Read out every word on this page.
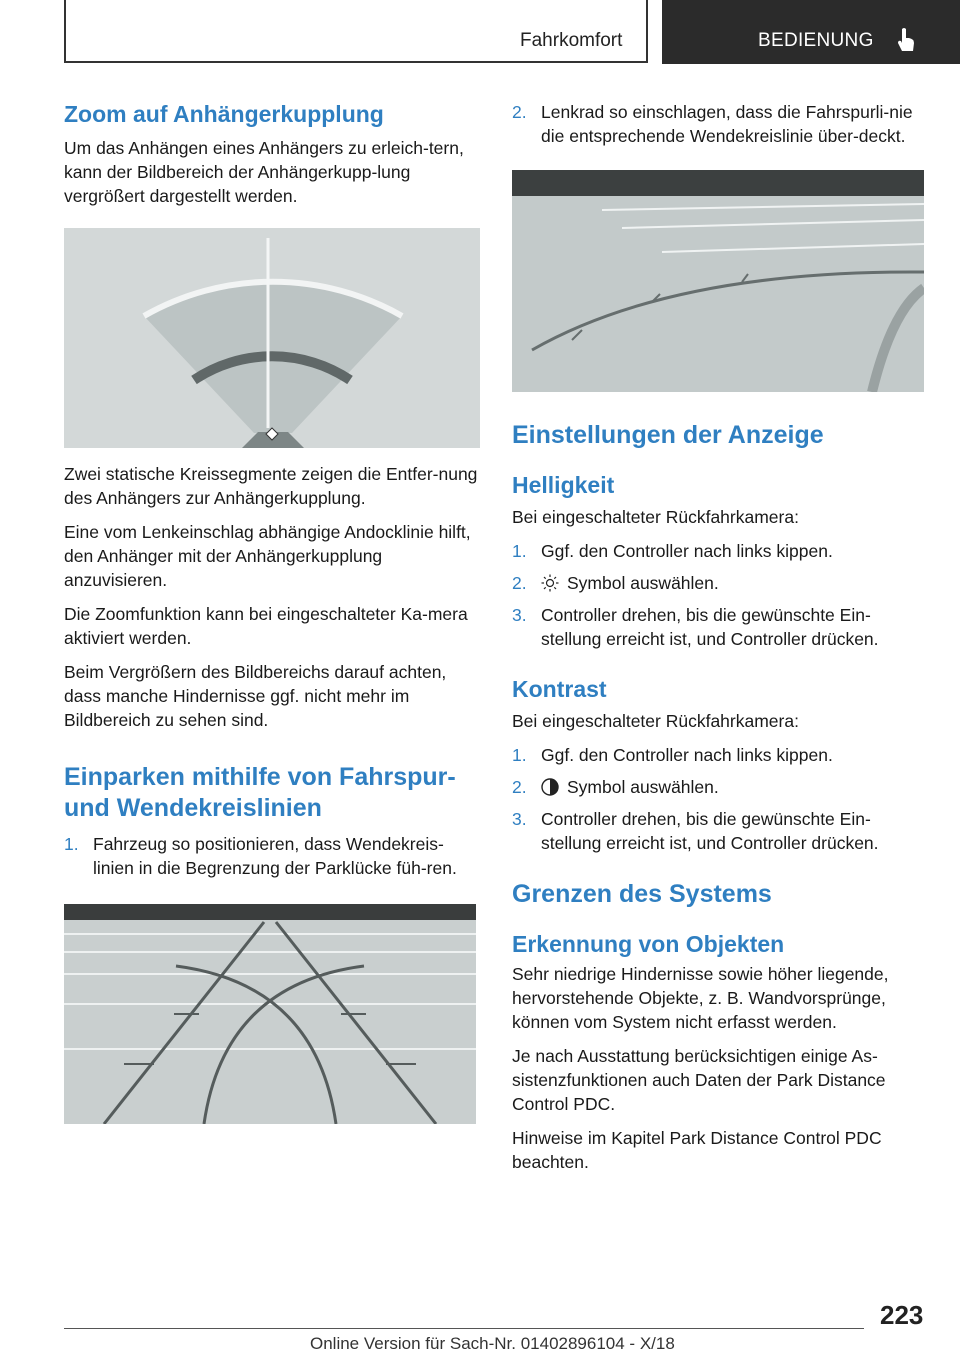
Fahrkomfort	BEDIENUNG
Zoom auf Anhängerkupplung

Um das Anhängen eines Anhängers zu erleich-tern, kann der Bildbereich der Anhängerkupp-lung vergrößert dargestellt werden.

Zwei statische Kreissegmente zeigen die Entfer-nung des Anhängers zur Anhängerkupplung.

Eine vom Lenkeinschlag abhängige Andocklinie hilft, den Anhänger mit der Anhängerkupplung anzuvisieren.

Die Zoomfunktion kann bei eingeschalteter Ka-mera aktiviert werden.

Beim Vergrößern des Bildbereichs darauf achten, dass manche Hindernisse ggf. nicht mehr im Bildbereich zu sehen sind.

Einparken mithilfe von Fahrspur- und Wendekreislinien
1. Fahrzeug so positionieren, dass Wendekreis-linien in die Begrenzung der Parklücke füh-ren.
2. Lenkrad so einschlagen, dass die Fahrspurli-nie die entsprechende Wendekreislinie über-deckt.
Einstellungen der Anzeige
Helligkeit

Bei eingeschalteter Rückfahrkamera:

1. Ggf. den Controller nach links kippen.
2. Symbol auswählen.
3. Controller drehen, bis die gewünschte Ein-stellung erreicht ist, und Controller drücken.
Kontrast

Bei eingeschalteter Rückfahrkamera:

1. Ggf. den Controller nach links kippen.
2. Symbol auswählen.
3. Controller drehen, bis die gewünschte Ein-stellung erreicht ist, und Controller drücken.
Grenzen des Systems
Erkennung von Objekten

Sehr niedrige Hindernisse sowie höher liegende, hervorstehende Objekte, z. B. Wandvorsprünge, können vom System nicht erfasst werden.

Je nach Ausstattung berücksichtigen einige As-sistenzfunktionen auch Daten der Park Distance Control PDC.

Hinweise im Kapitel Park Distance Control PDC beachten.

223
Online Version für Sach-Nr. 01402896104 - X/18
